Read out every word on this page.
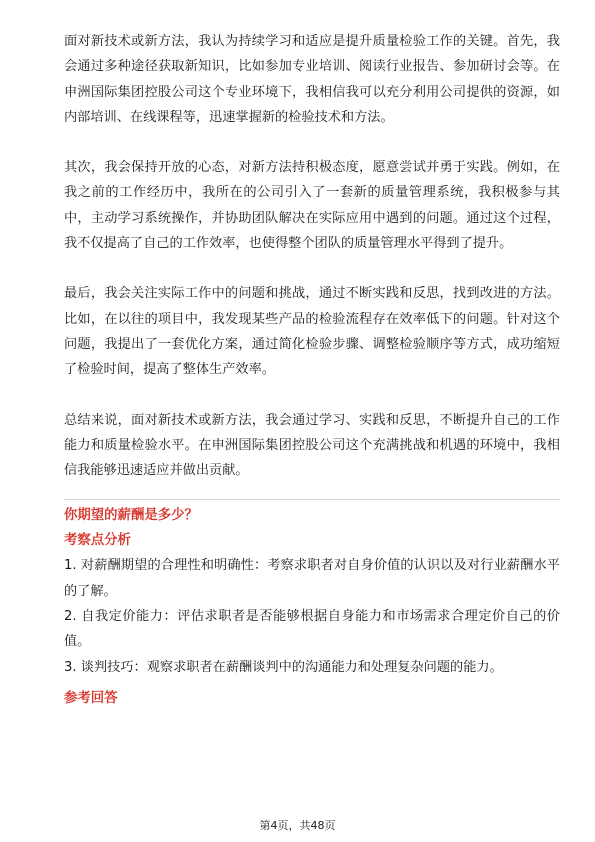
面对新技术或新方法，我认为持续学习和适应是提升质量检验工作的关键。首先，我会通过多种途径获取新知识，比如参加专业培训、阅读行业报告、参加研讨会等。在申洲国际集团控股公司这个专业环境下，我相信我可以充分利用公司提供的资源，如内部培训、在线课程等，迅速掌握新的检验技术和方法。

其次，我会保持开放的心态，对新方法持积极态度，愿意尝试并勇于实践。例如，在我之前的工作经历中，我所在的公司引入了一套新的质量管理系统，我积极参与其中，主动学习系统操作，并协助团队解决在实际应用中遇到的问题。通过这个过程，我不仅提高了自己的工作效率，也使得整个团队的质量管理水平得到了提升。

最后，我会关注实际工作中的问题和挑战，通过不断实践和反思，找到改进的方法。比如，在以往的项目中，我发现某些产品的检验流程存在效率低下的问题。针对这个问题，我提出了一套优化方案，通过简化检验步骤、调整检验顺序等方式，成功缩短了检验时间，提高了整体生产效率。

总结来说，面对新技术或新方法，我会通过学习、实践和反思，不断提升自己的工作能力和质量检验水平。在申洲国际集团控股公司这个充满挑战和机遇的环境中，我相信我能够迅速适应并做出贡献。

你期望的薪酬是多少？
考察点分析

1. 对薪酬期望的合理性和明确性：考察求职者对自身价值的认识以及对行业薪酬水平的了解。

2. 自我定价能力：评估求职者是否能够根据自身能力和市场需求合理定价自己的价值。

3. 谈判技巧：观察求职者在薪酬谈判中的沟通能力和处理复杂问题的能力。

参考回答
第4页，共48页
